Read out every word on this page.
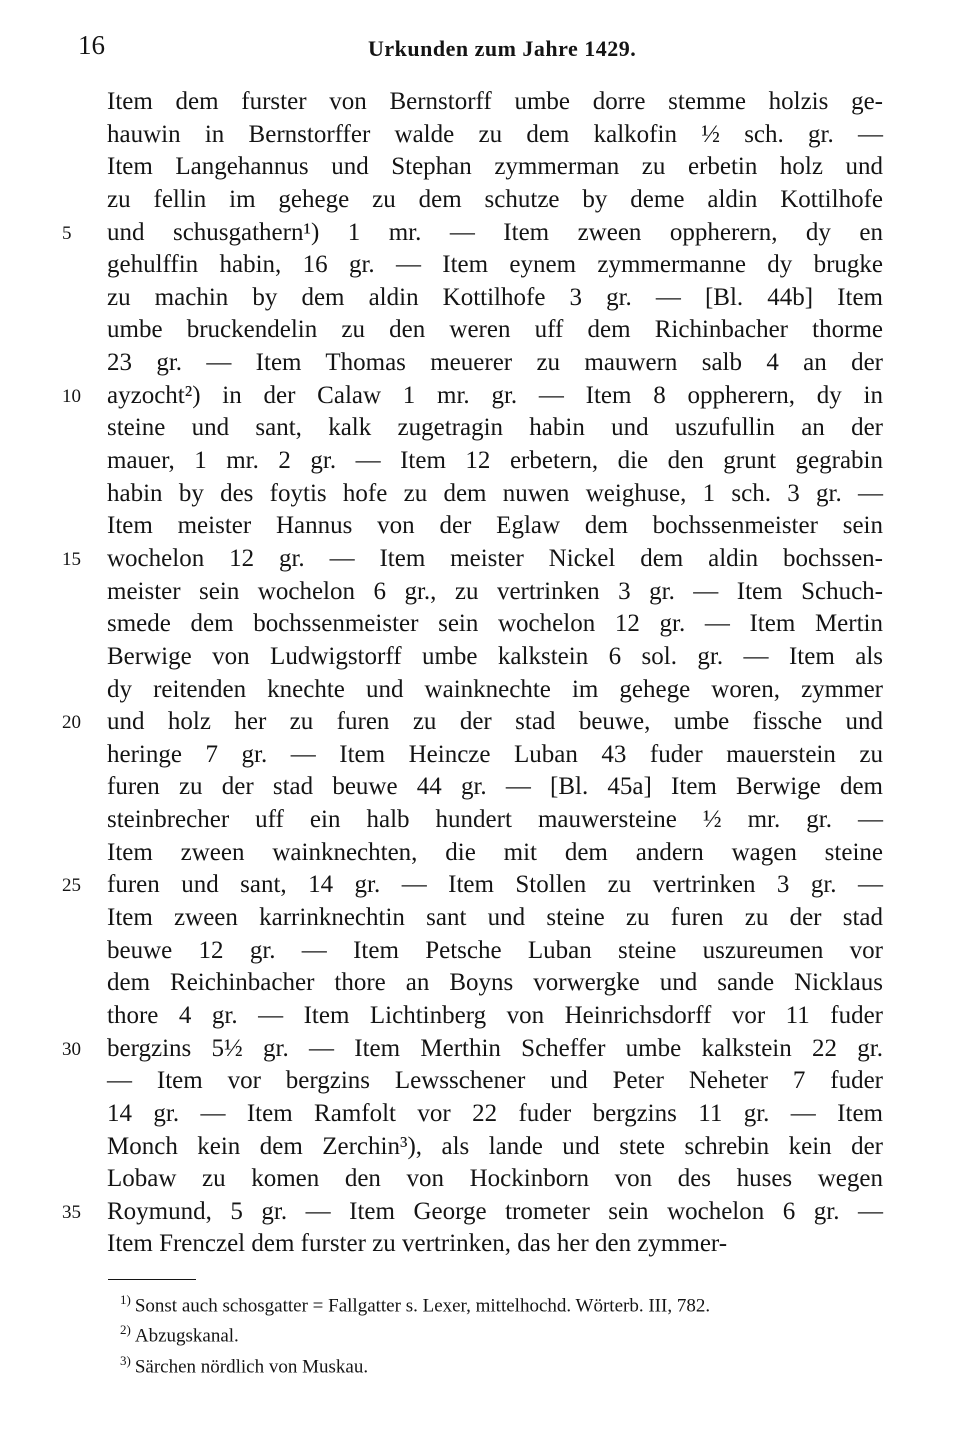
16	Urkunden zum Jahre 1429.
Item dem furster von Bernstorff umbe dorre stemme holzis ge-
hauwin in Bernstorffer walde zu dem kalkofin ½ sch. gr. —
Item Langehannus und Stephan zymmerman zu erbetin holz und
zu fellin im gehege zu dem schutze by deme aldin Kottilhofe
5	und schusgathern¹) 1 mr. — Item zween oppherern, dy en
gehulffin habin, 16 gr. — Item eynem zymmermanne dy brugke
zu machin by dem aldin Kottilhofe 3 gr. — [Bl. 44b] Item
umbe bruckendelin zu den weren uff dem Richinbacher thorme
23 gr. — Item Thomas meuerer zu mauwern salb 4 an der
10	ayzocht²) in der Calaw 1 mr. gr. — Item 8 oppherern, dy in
steine und sant, kalk zugetragin habin und uszufullin an der
mauer, 1 mr. 2 gr. — Item 12 erbetern, die den grunt gegrabin
habin by des foytis hofe zu dem nuwen weighuse, 1 sch. 3 gr. —
Item meister Hannus von der Eglaw dem bochssenmeister sein
15	wochelon 12 gr. — Item meister Nickel dem aldin bochssen-
meister sein wochelon 6 gr., zu vertrinken 3 gr. — Item Schuch-
smede dem bochssenmeister sein wochelon 12 gr. — Item Mertin
Berwige von Ludwigstorff umbe kalkstein 6 sol. gr. — Item als
dy reitenden knechte und wainknechte im gehege woren, zymmer
20	und holz her zu furen zu der stad beuwe, umbe fissche und
heringe 7 gr. — Item Heincze Luban 43 fuder mauerstein zu
furen zu der stad beuwe 44 gr. — [Bl. 45a] Item Berwige dem
steinbrecher uff ein halb hundert mauwersteine ½ mr. gr. —
Item zween wainknechten, die mit dem andern wagen steine
25	furen und sant, 14 gr. — Item Stollen zu vertrinken 3 gr. —
Item zween karrinknechtin sant und steine zu furen zu der stad
beuwe 12 gr. — Item Petsche Luban steine uszureumen vor
dem Reichinbacher thore an Boyns vorwergke und sande Nicklaus
thore 4 gr. — Item Lichtinberg von Heinrichsdorff vor 11 fuder
30	bergzins 5½ gr. — Item Merthin Scheffer umbe kalkstein 22 gr.
— Item vor bergzins Lewsschener und Peter Neheter 7 fuder
14 gr. — Item Ramfolt vor 22 fuder bergzins 11 gr. — Item
Monch kein dem Zerchin³), als lande und stete schrebin kein der
Lobaw zu komen den von Hockinborn von des huses wegen
35	Roymund, 5 gr. — Item George trometer sein wochelon 6 gr. —
Item Frenczel dem furster zu vertrinken, das her den zymmer-
$^{1)}$ Sonst auch schosgatter = Fallgatter s. Lexer, mittelhochd. Wörterb. III, 782.
$^{2)}$ Abzugskanal.
$^{3)}$ Särchen nördlich von Muskau.
